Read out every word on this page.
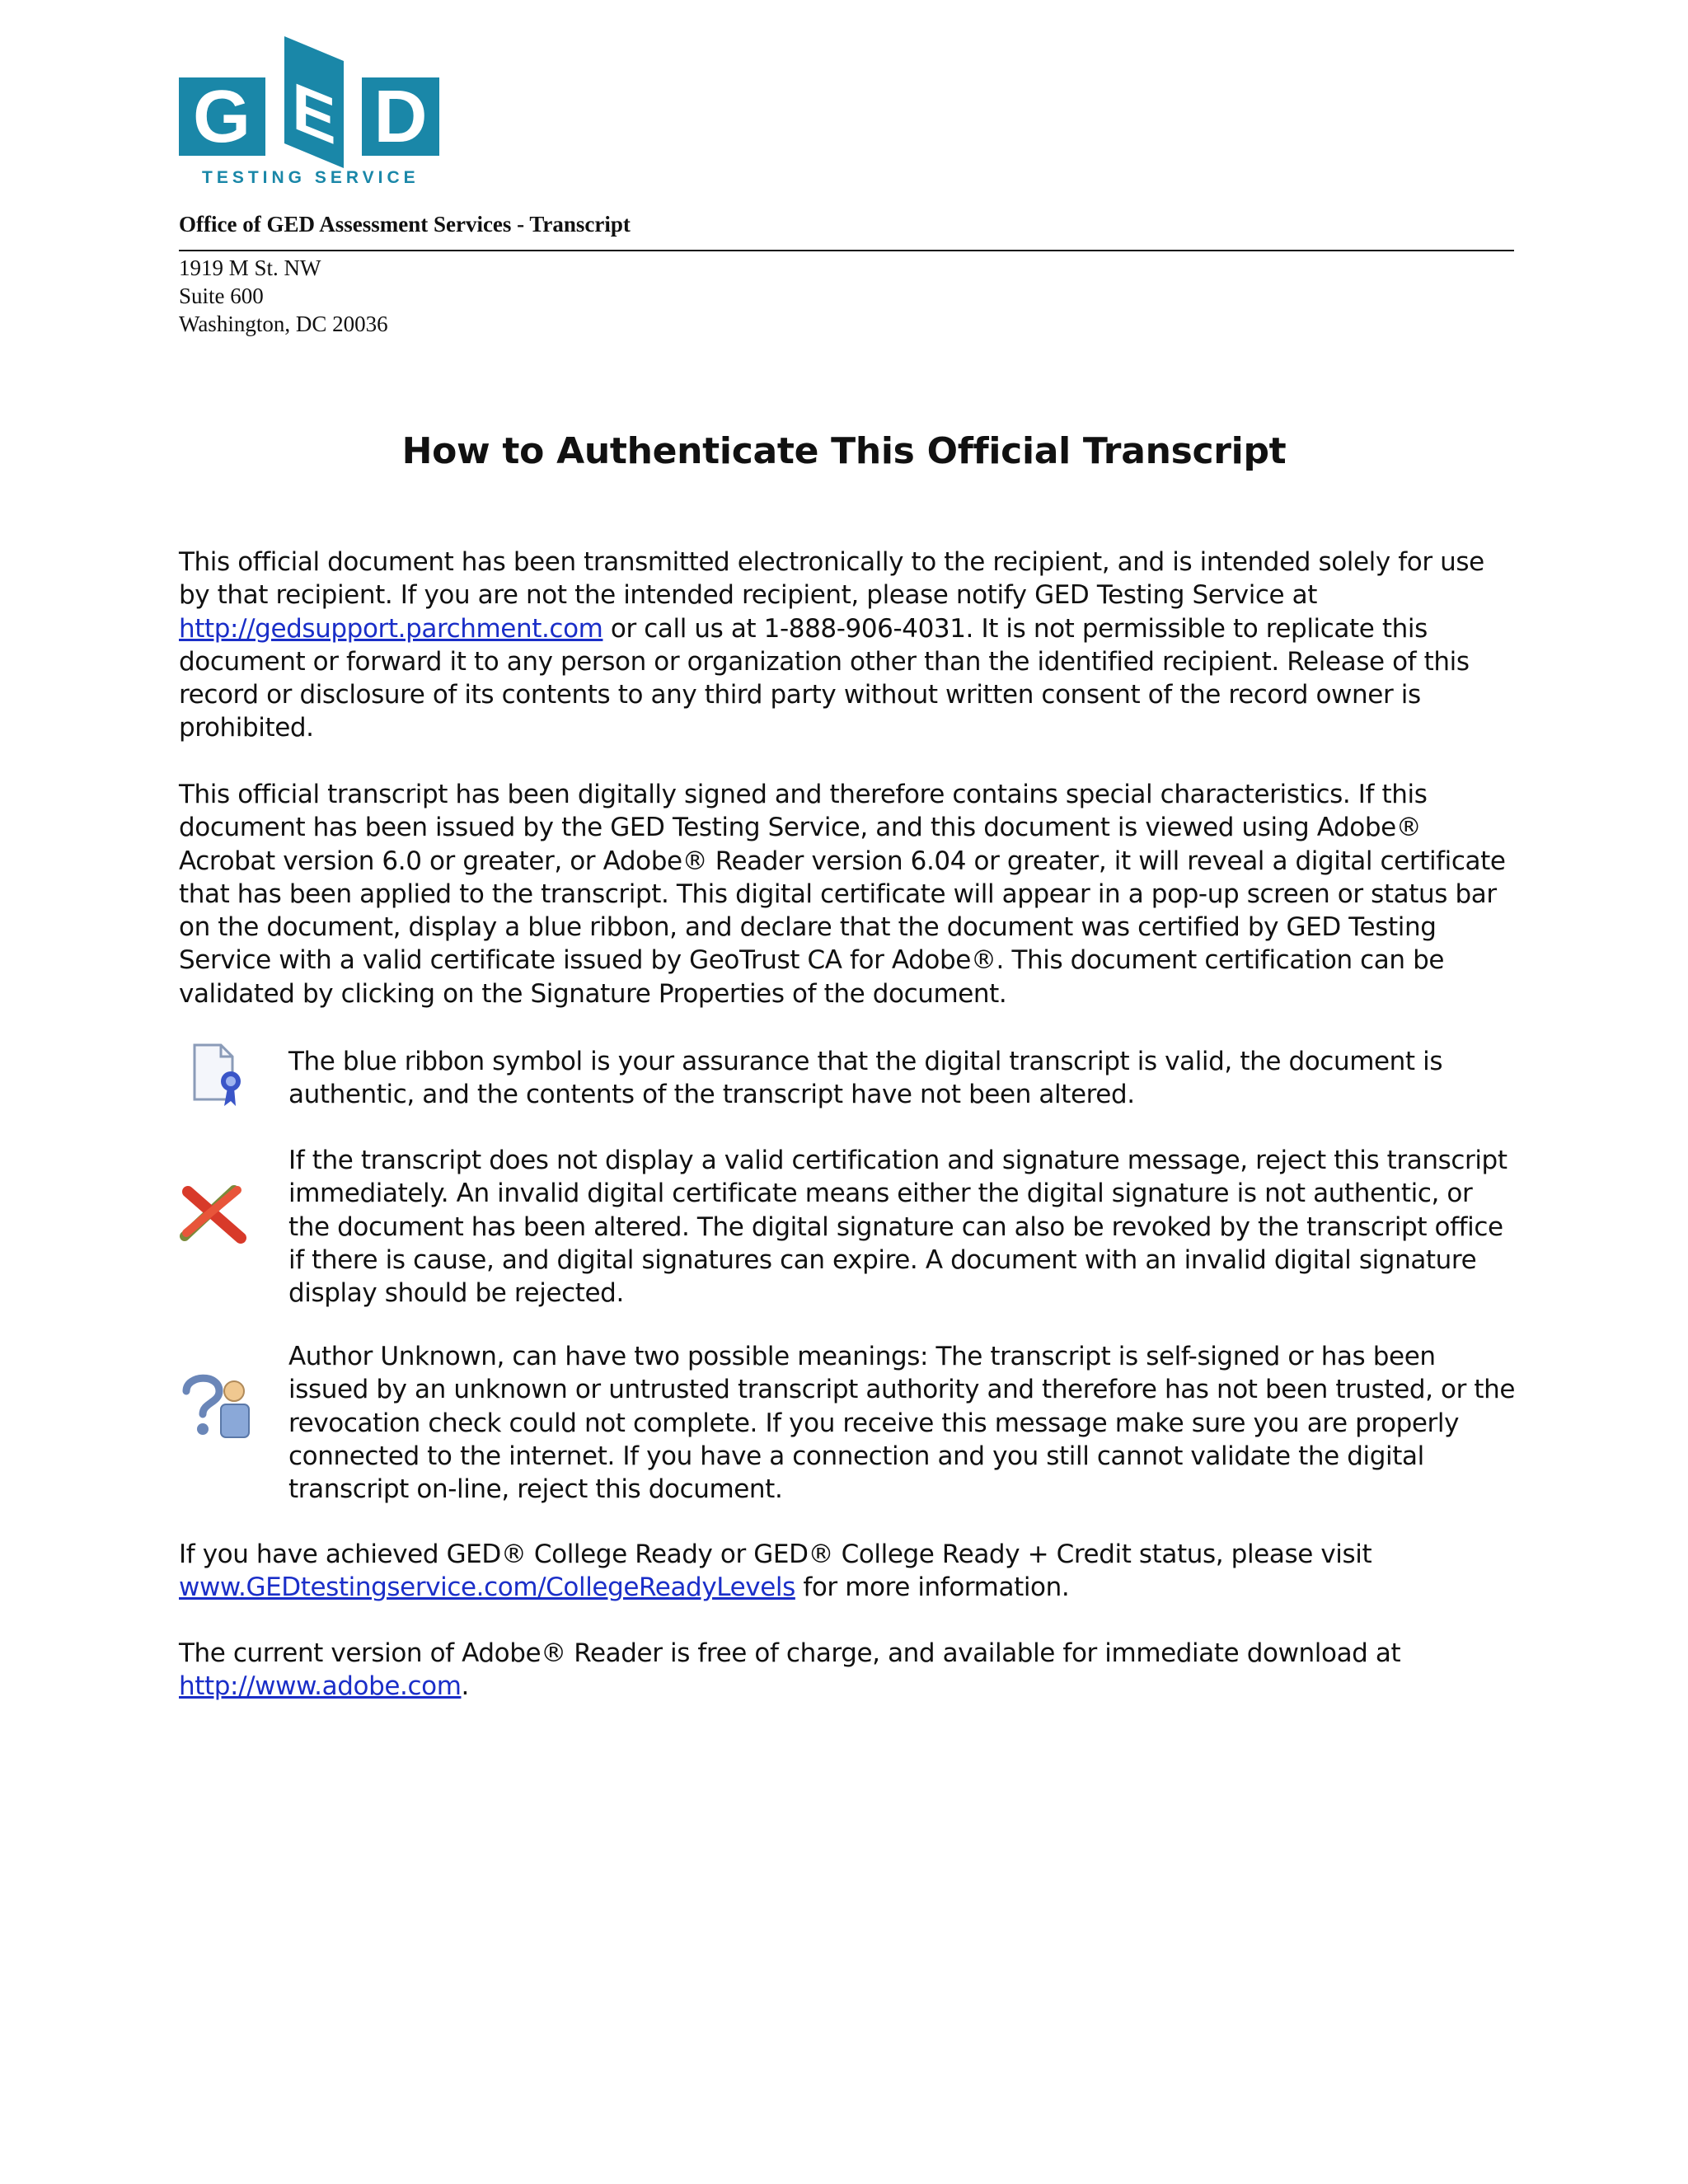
G E D
TESTING SERVICE
Office of GED Assessment Services - Transcript
1919 M St. NW
Suite 600
Washington, DC 20036
How to Authenticate This Official Transcript
This official document has been transmitted electronically to the recipient, and is intended solely for use by that recipient. If you are not the intended recipient, please notify GED Testing Service at http://gedsupport.parchment.com or call us at 1-888-906-4031. It is not permissible to replicate this document or forward it to any person or organization other than the identified recipient. Release of this record or disclosure of its contents to any third party without written consent of the record owner is prohibited.
This official transcript has been digitally signed and therefore contains special characteristics. If this document has been issued by the GED Testing Service, and this document is viewed using Adobe® Acrobat version 6.0 or greater, or Adobe® Reader version 6.04 or greater, it will reveal a digital certificate that has been applied to the transcript. This digital certificate will appear in a pop-up screen or status bar on the document, display a blue ribbon, and declare that the document was certified by GED Testing Service with a valid certificate issued by GeoTrust CA for Adobe®. This document certification can be validated by clicking on the Signature Properties of the document.
The blue ribbon symbol is your assurance that the digital transcript is valid, the document is authentic, and the contents of the transcript have not been altered.
If the transcript does not display a valid certification and signature message, reject this transcript immediately. An invalid digital certificate means either the digital signature is not authentic, or the document has been altered. The digital signature can also be revoked by the transcript office if there is cause, and digital signatures can expire. A document with an invalid digital signature display should be rejected.
Author Unknown, can have two possible meanings: The transcript is self-signed or has been issued by an unknown or untrusted transcript authority and therefore has not been trusted, or the revocation check could not complete. If you receive this message make sure you are properly connected to the internet. If you have a connection and you still cannot validate the digital transcript on-line, reject this document.
If you have achieved GED® College Ready or GED® College Ready + Credit status, please visit www.GEDtestingservice.com/CollegeReadyLevels for more information.
The current version of Adobe® Reader is free of charge, and available for immediate download at http://www.adobe.com.
